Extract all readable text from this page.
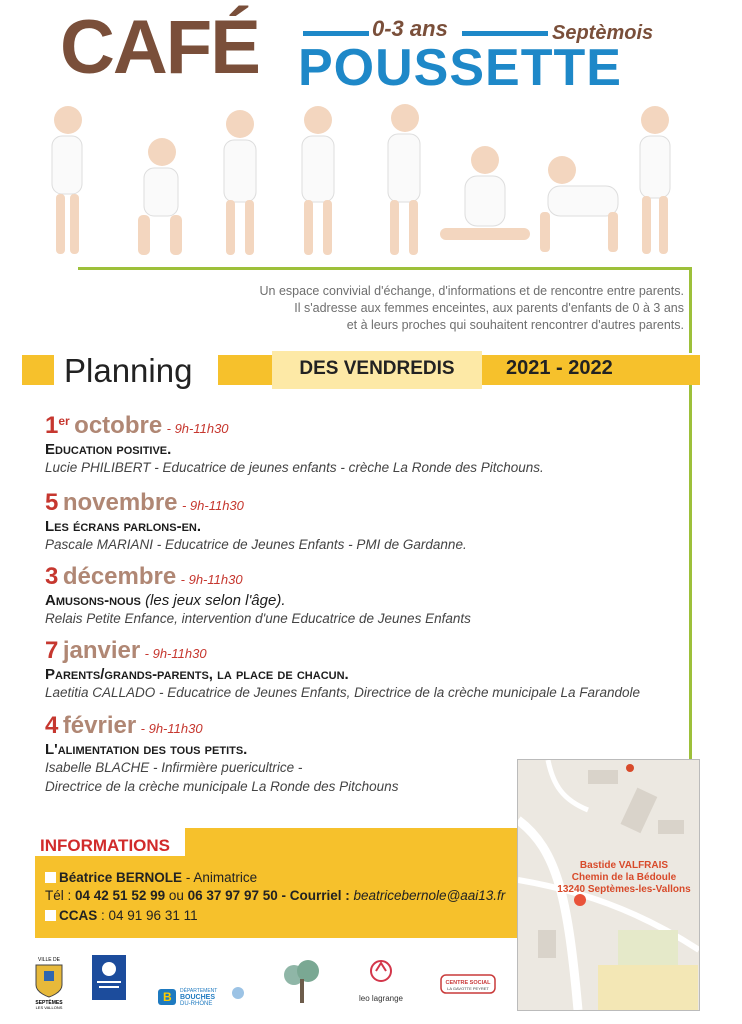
CAFÉ	0-3 ans	Septèmois
POUSSETTE
Un espace convivial d'échange, d'informations et de rencontre entre parents.
Il s'adresse aux femmes enceintes, aux parents d'enfants de 0 à 3 ans
et à leurs proches qui souhaitent rencontrer d'autres parents.
Planning	DES VENDREDIS	2021 - 2022
1er octobre - 9h-11h30
Education positive.
Lucie PHILIBERT - Educatrice de jeunes enfants - crèche La Ronde des Pitchouns.
5 novembre - 9h-11h30
Les écrans parlons-en.
Pascale MARIANI - Educatrice de Jeunes Enfants - PMI de Gardanne.
3 décembre - 9h-11h30
Amusons-nous (les jeux selon l'âge).
Relais Petite Enfance, intervention d'une Educatrice de Jeunes Enfants
7 janvier - 9h-11h30
Parents/grands-parents, la place de chacun.
Laetitia CALLADO - Educatrice de Jeunes Enfants, Directrice de la crèche municipale La Farandole
4 février - 9h-11h30
L'alimentation des tous petits.
Isabelle BLACHE - Infirmière puericultrice -
Directrice de la crèche municipale La Ronde des Pitchouns
INFORMATIONS
Béatrice BERNOLE - Animatrice
Tél : 04 42 51 52 99 ou 06 37 97 97 50 - Courriel : beatricebernole@aai13.fr
CCAS : 04 91 96 31 11
Bastide VALFRAIS
Chemin de la Bédoule
13240 Septèmes-les-Vallons
VILLE DE
SEPTÈMES
LES VALLONS
B DÉPARTEMENT
BOUCHES
DU-RHÔNE
leo lagrange
CENTRE SOCIAL
LA GAVOTTE PEYRET
